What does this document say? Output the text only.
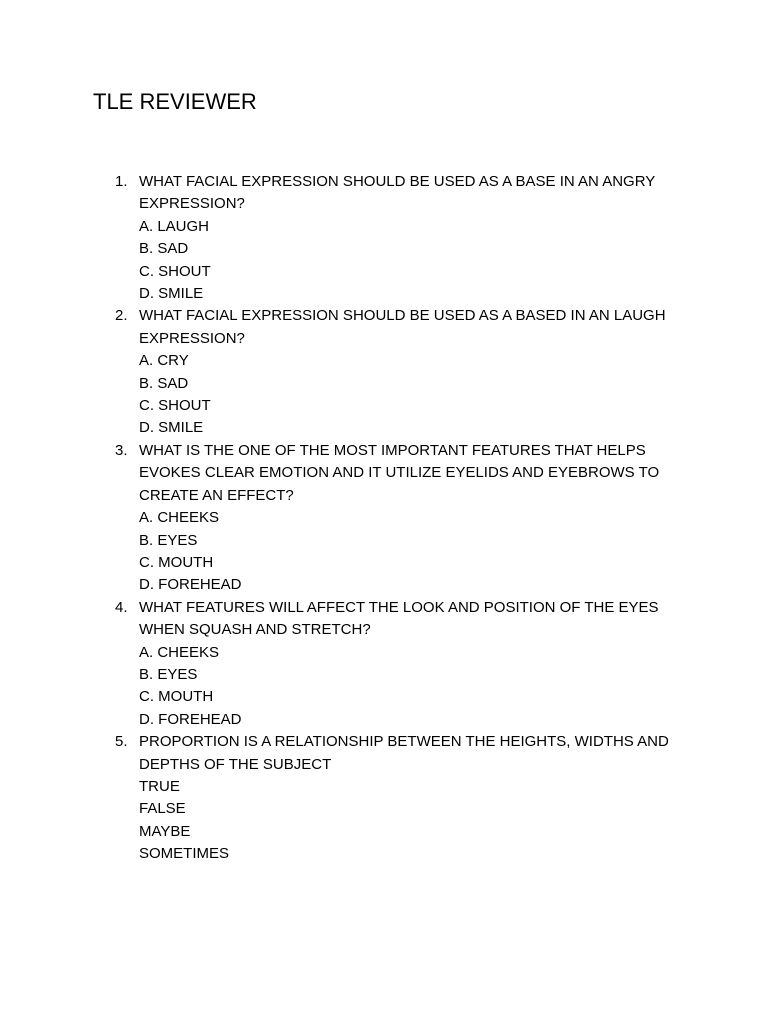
TLE REVIEWER
1. WHAT FACIAL EXPRESSION SHOULD BE USED AS A BASE IN AN ANGRY EXPRESSION?
A. LAUGH
B. SAD
C. SHOUT
D. SMILE
2. WHAT FACIAL EXPRESSION SHOULD BE USED AS A BASED IN AN LAUGH EXPRESSION?
A. CRY
B. SAD
C. SHOUT
D. SMILE
3. WHAT IS THE ONE OF THE MOST IMPORTANT FEATURES THAT HELPS EVOKES CLEAR EMOTION AND IT UTILIZE EYELIDS AND EYEBROWS TO CREATE AN EFFECT?
A. CHEEKS
B. EYES
C. MOUTH
D. FOREHEAD
4. WHAT FEATURES WILL AFFECT THE LOOK AND POSITION OF THE EYES WHEN SQUASH AND STRETCH?
A. CHEEKS
B. EYES
C. MOUTH
D. FOREHEAD
5. PROPORTION IS A RELATIONSHIP BETWEEN THE HEIGHTS, WIDTHS AND DEPTHS OF THE SUBJECT
TRUE
FALSE
MAYBE
SOMETIMES
